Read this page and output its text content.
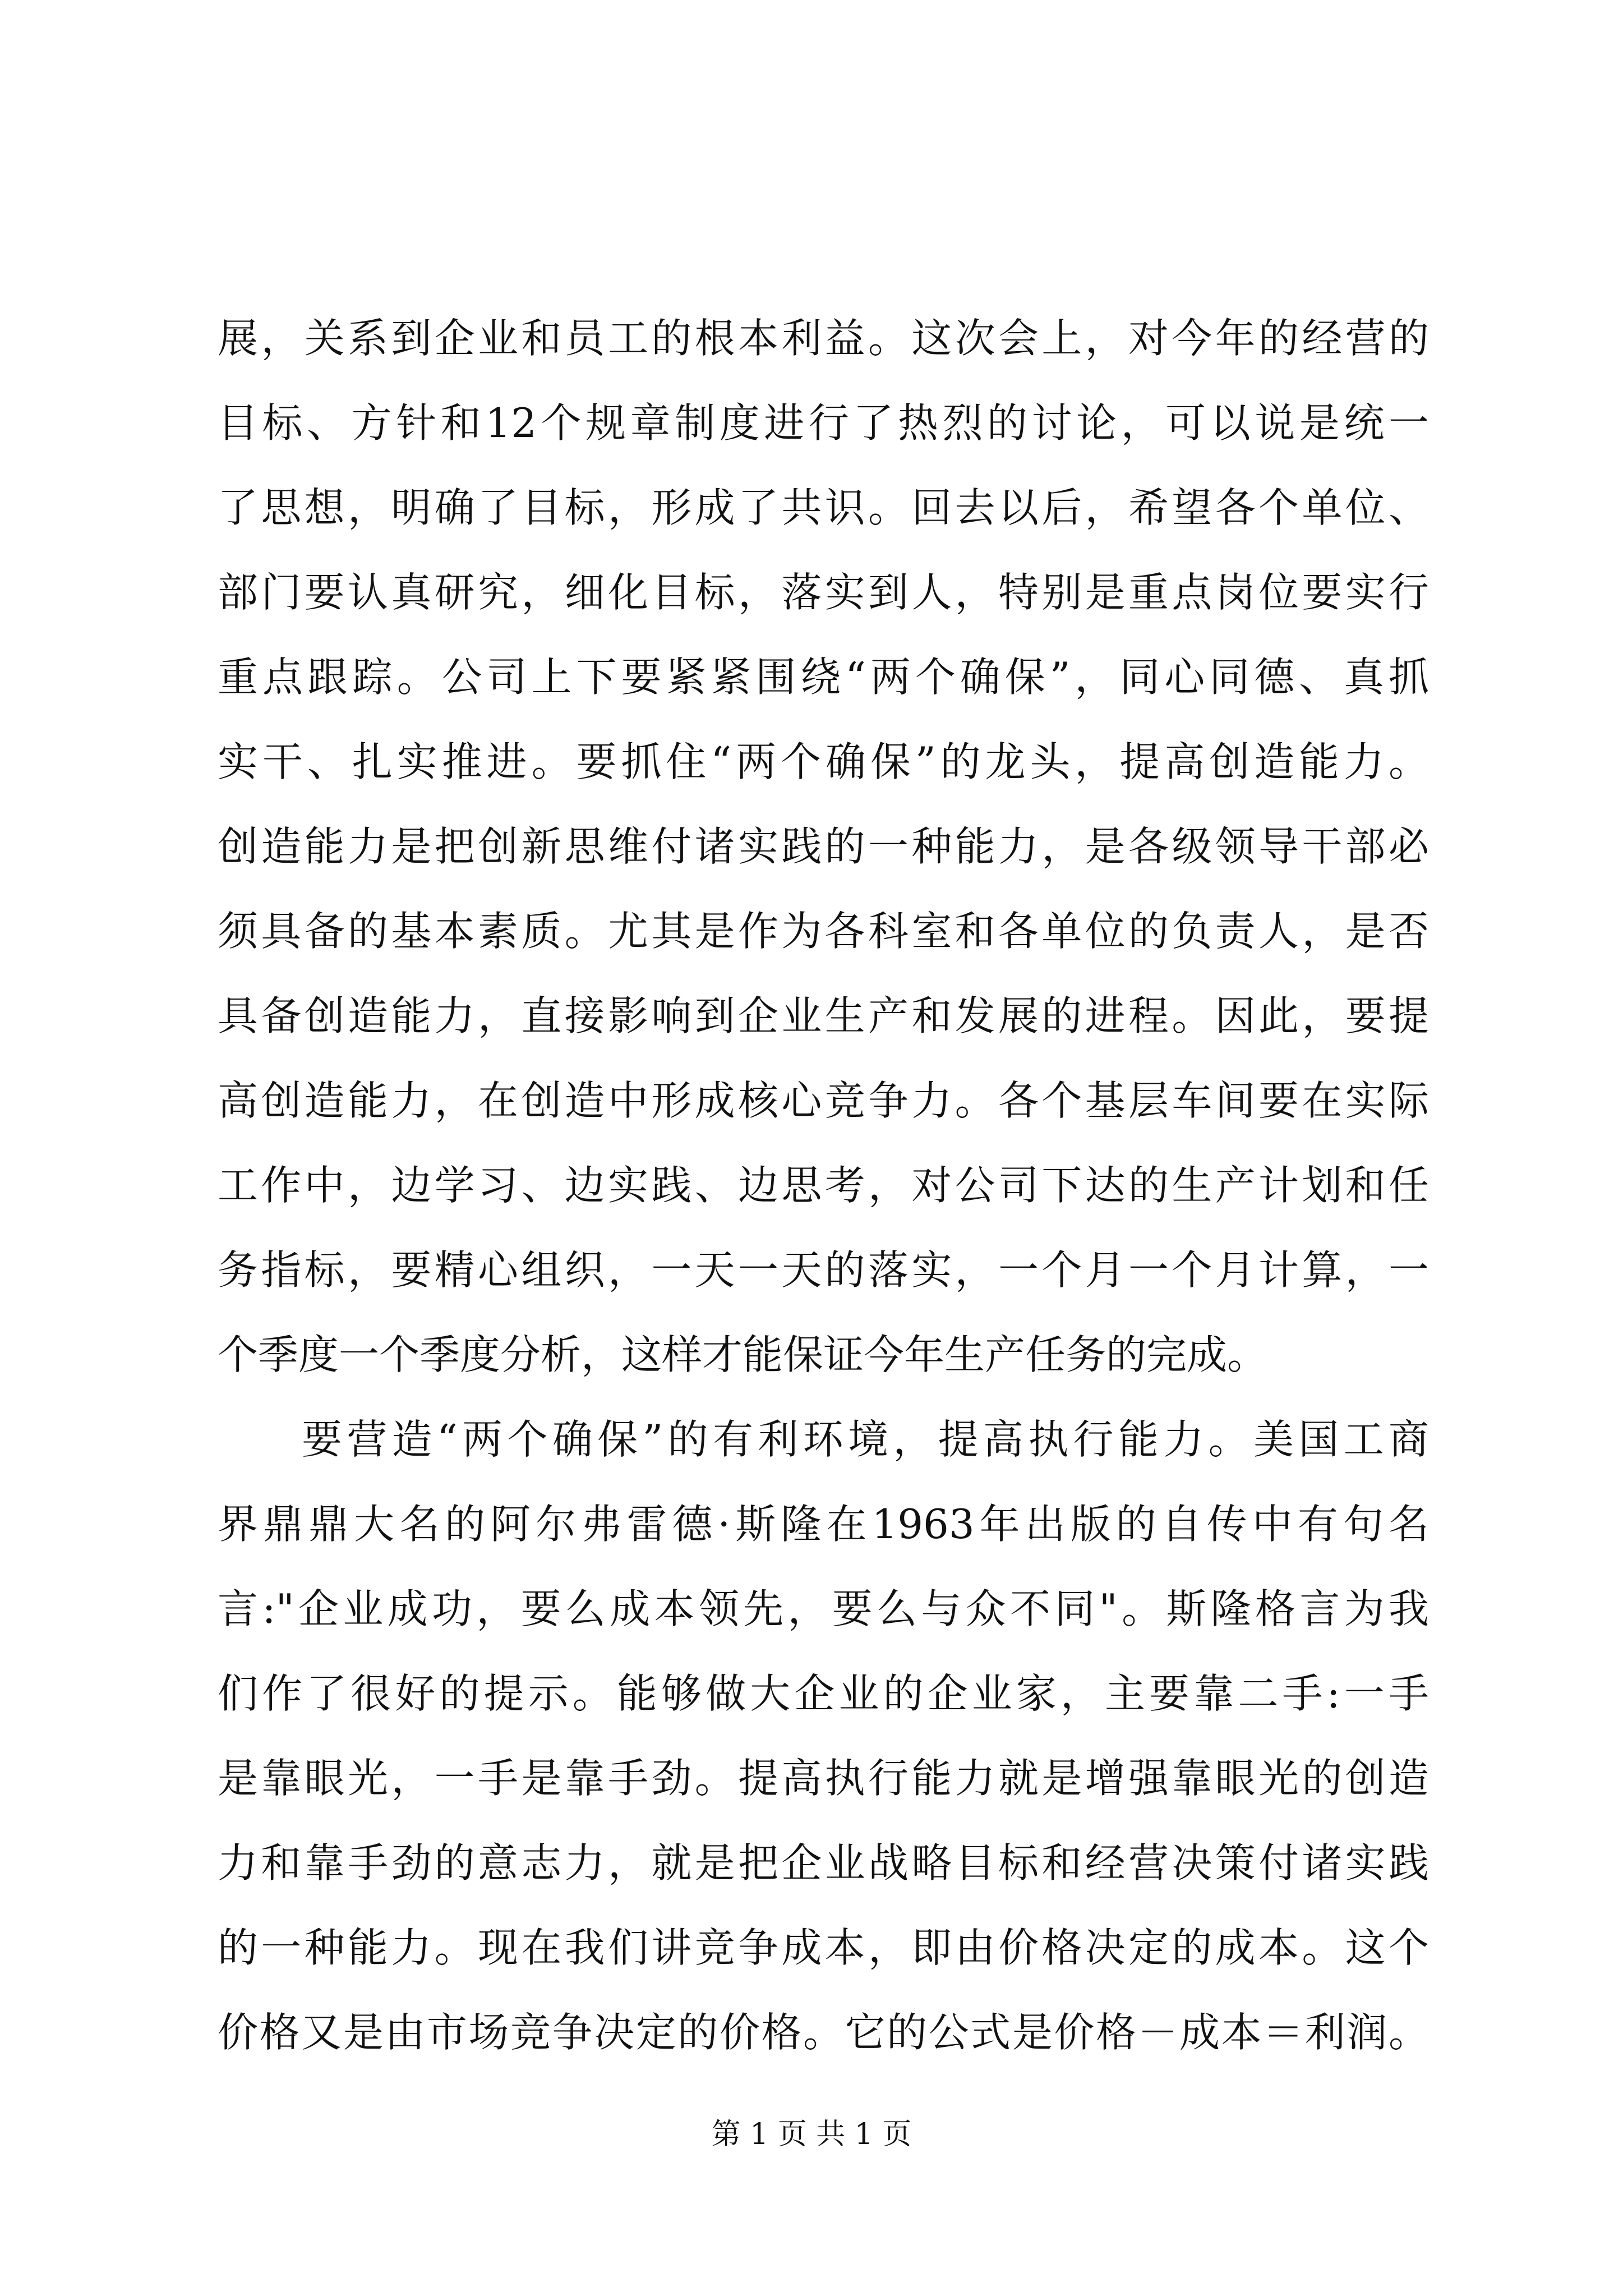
展，关系到企业和员工的根本利益。这次会上，对今年的经营的
目标、方针和12个规章制度进行了热烈的讨论，可以说是统一
了思想，明确了目标，形成了共识。回去以后，希望各个单位、
部门要认真研究，细化目标，落实到人，特别是重点岗位要实行
重点跟踪。公司上下要紧紧围绕“两个确保”，同心同德、真抓
实干、扎实推进。要抓住“两个确保”的龙头，提高创造能力。
创造能力是把创新思维付诸实践的一种能力，是各级领导干部必
须具备的基本素质。尤其是作为各科室和各单位的负责人，是否
具备创造能力，直接影响到企业生产和发展的进程。因此，要提
高创造能力，在创造中形成核心竞争力。各个基层车间要在实际
工作中，边学习、边实践、边思考，对公司下达的生产计划和任
务指标，要精心组织，一天一天的落实，一个月一个月计算，一
个季度一个季度分析，这样才能保证今年生产任务的完成。
要营造“两个确保”的有利环境，提高执行能力。美国工商
界鼎鼎大名的阿尔弗雷德·斯隆在1963年出版的自传中有句名
言:"企业成功，要么成本领先，要么与众不同"。斯隆格言为我
们作了很好的提示。能够做大企业的企业家，主要靠二手:一手
是靠眼光，一手是靠手劲。提高执行能力就是增强靠眼光的创造
力和靠手劲的意志力，就是把企业战略目标和经营决策付诸实践
的一种能力。现在我们讲竞争成本，即由价格决定的成本。这个
价格又是由市场竞争决定的价格。它的公式是价格－成本＝利润。
第 1 页 共 1 页
